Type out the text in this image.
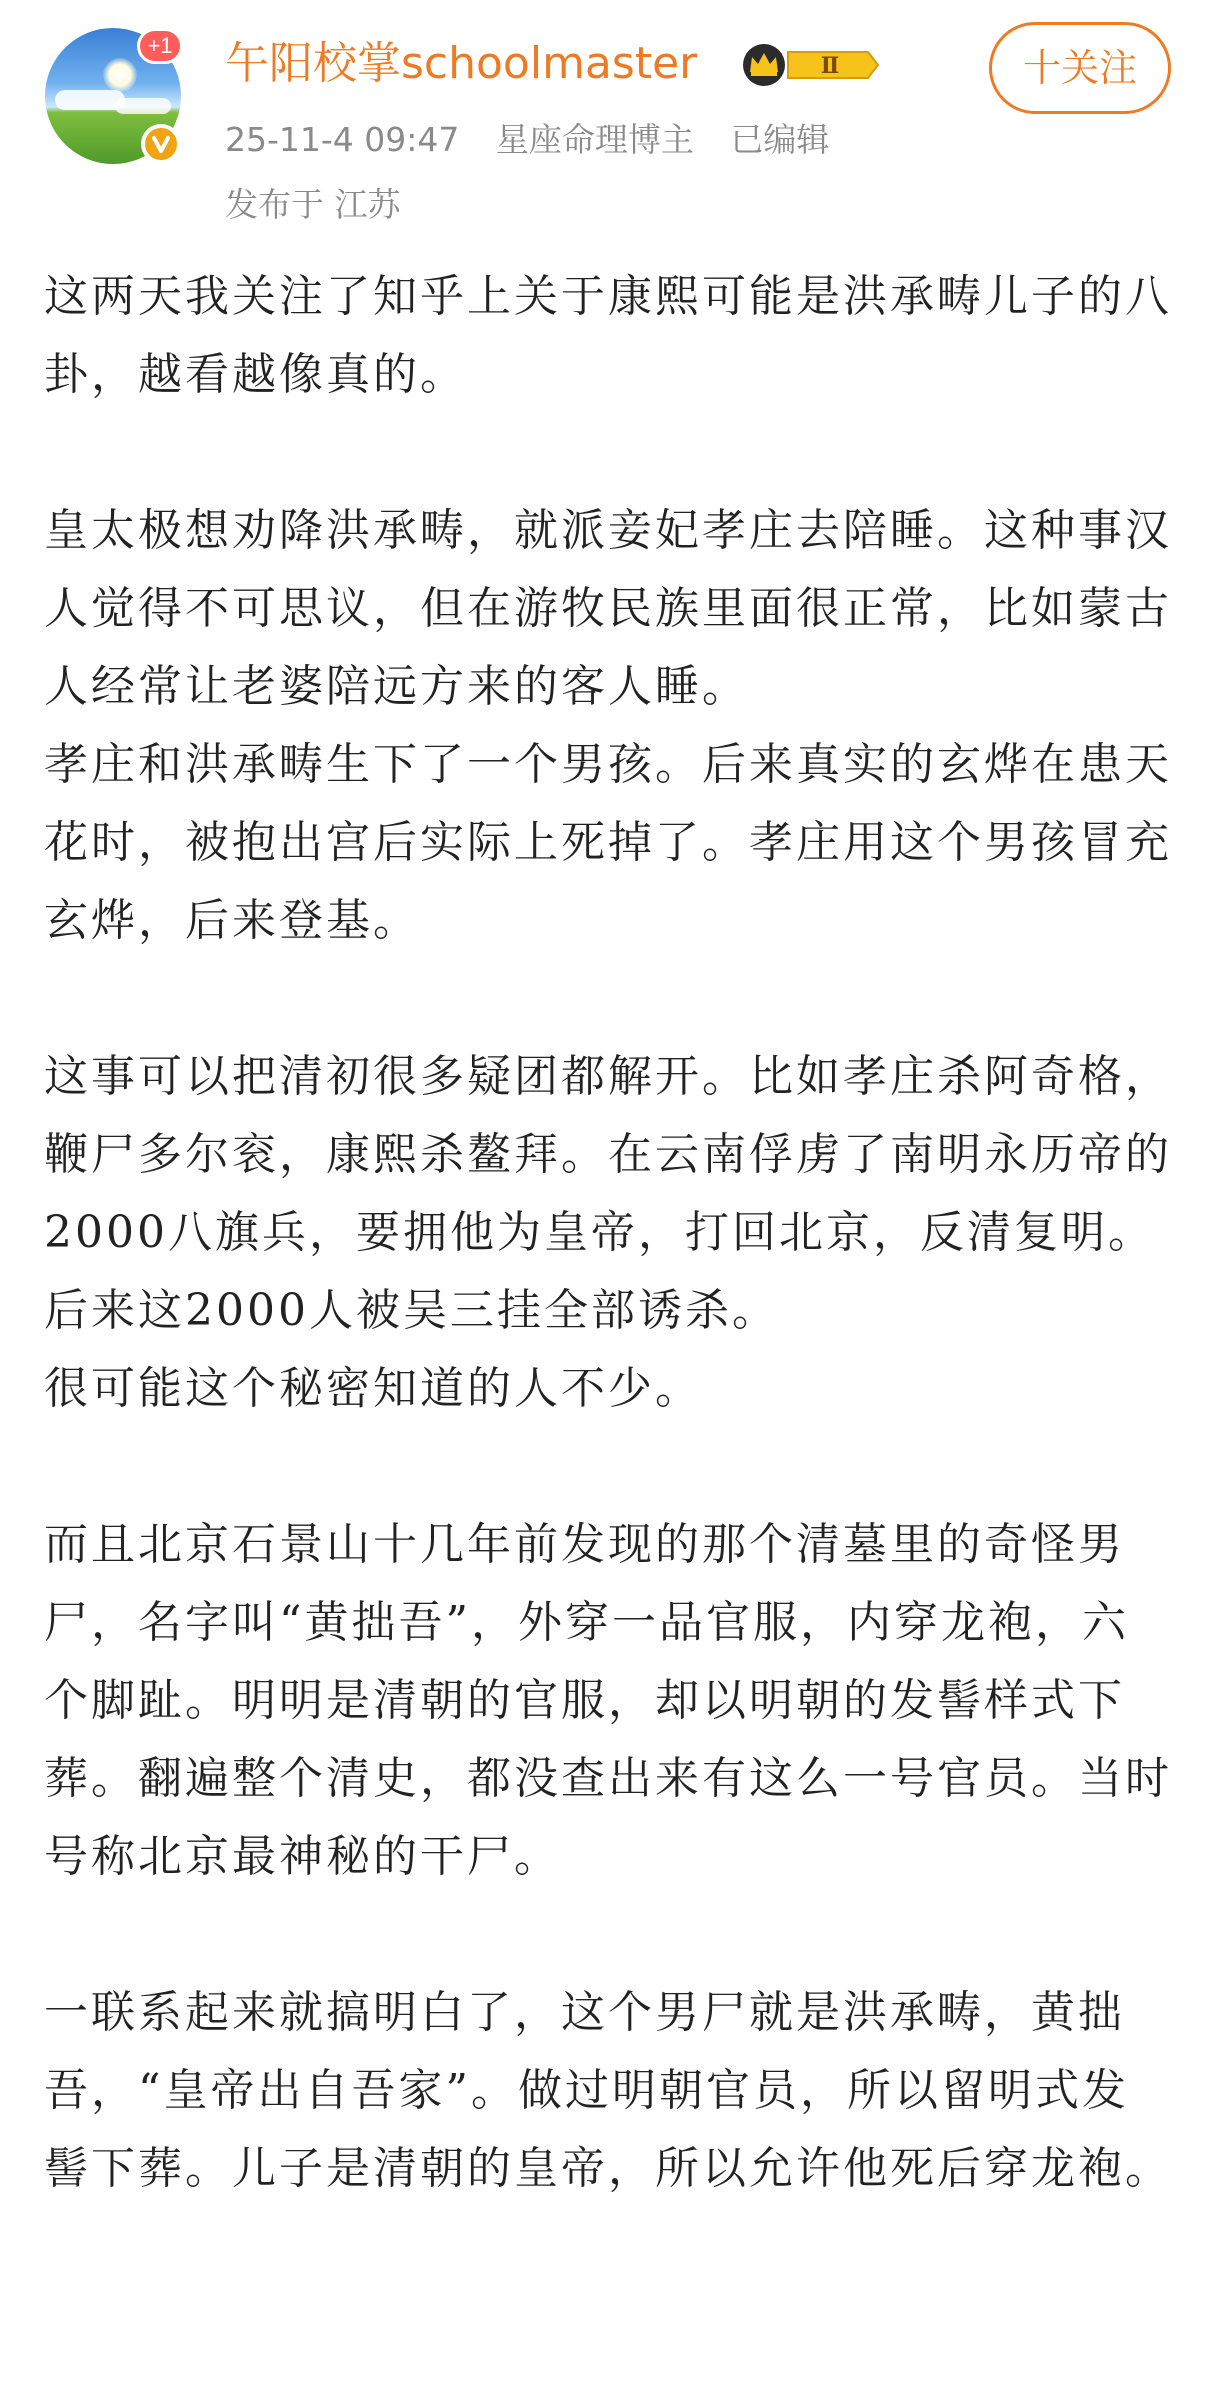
+1 午阳校掌schoolmaster	Ⅱ
25-11-4 09:47 星座命理博主 已编辑
发布于 江苏
十关注

这两天我关注了知乎上关于康熙可能是洪承畴儿子的八卦，越看越像真的。

皇太极想劝降洪承畴，就派妾妃孝庄去陪睡。这种事汉人觉得不可思议，但在游牧民族里面很正常，比如蒙古人经常让老婆陪远方来的客人睡。

孝庄和洪承畴生下了一个男孩。后来真实的玄烨在患天花时，被抱出宫后实际上死掉了。孝庄用这个男孩冒充玄烨，后来登基。

这事可以把清初很多疑团都解开。比如孝庄杀阿奇格，鞭尸多尔衮，康熙杀鳌拜。在云南俘虏了南明永历帝的2000八旗兵，要拥他为皇帝，打回北京，反清复明。后来这2000人被吴三挂全部诱杀。

很可能这个秘密知道的人不少。

而且北京石景山十几年前发现的那个清墓里的奇怪男尸，名字叫“黄拙吾”，外穿一品官服，内穿龙袍，六个脚趾。明明是清朝的官服，却以明朝的发髻样式下葬。翻遍整个清史，都没查出来有这么一号官员。当时号称北京最神秘的干尸。

一联系起来就搞明白了，这个男尸就是洪承畴，黄拙吾，“皇帝出自吾家”。做过明朝官员，所以留明式发髻下葬。儿子是清朝的皇帝，所以允许他死后穿龙袍。
